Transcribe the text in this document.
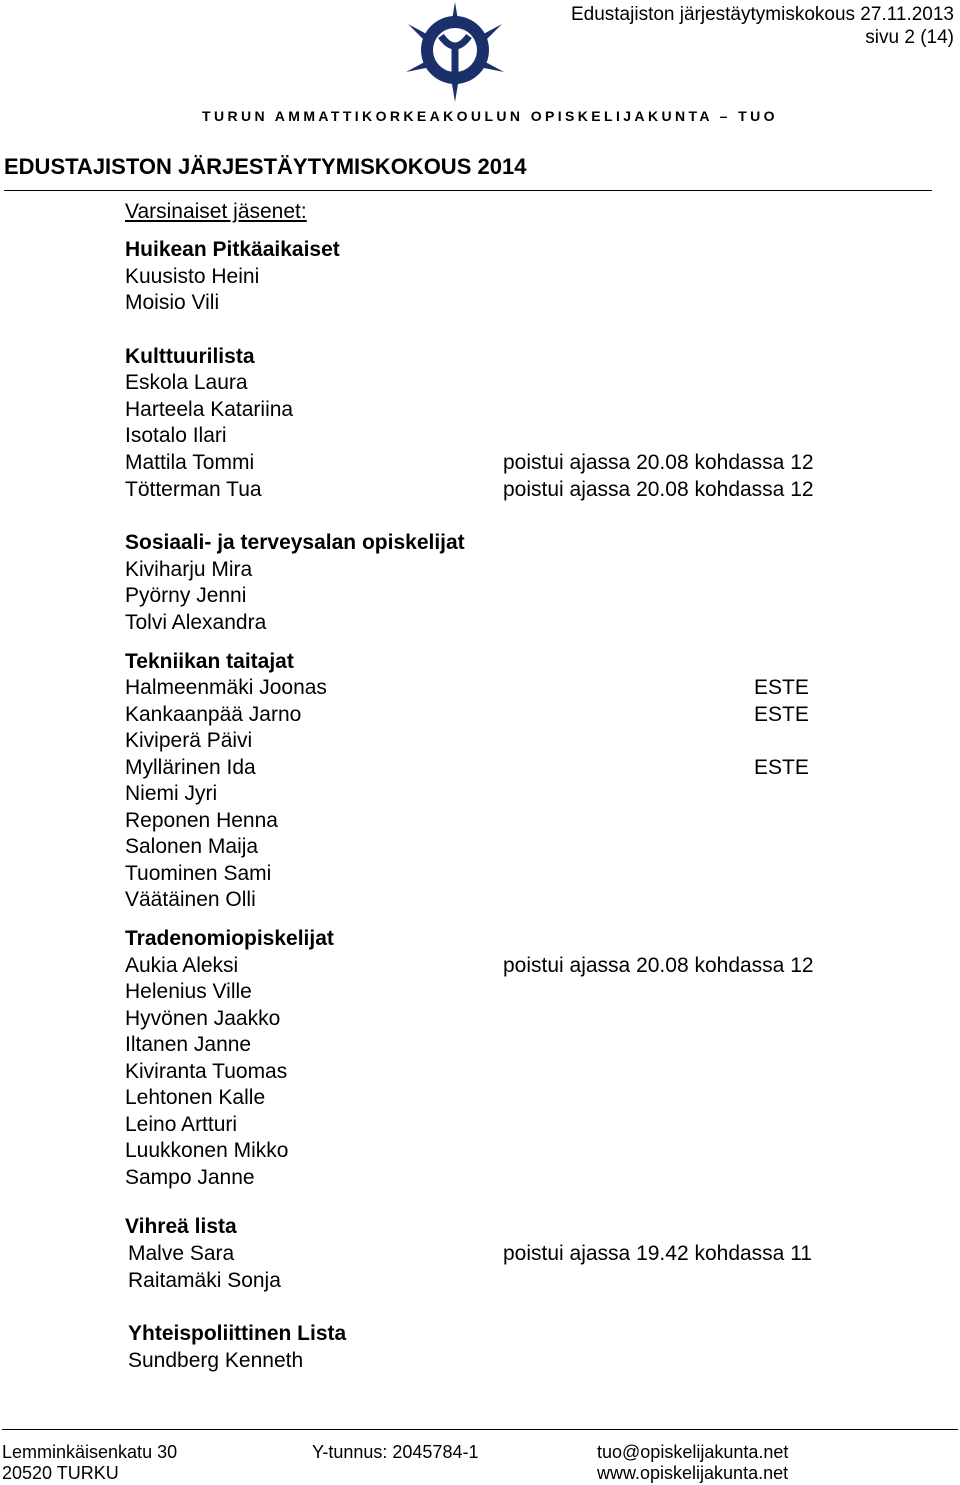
Edustajiston järjestäytymiskokous 27.11.2013
sivu 2 (14)
TURUN AMMATTIKORKEAKOULUN OPISKELIJAKUNTA – TUO
EDUSTAJISTON JÄRJESTÄYTYMISKOKOUS 2014
Varsinaiset jäsenet:
Huikean Pitkäaikaiset
Kuusisto Heini
Moisio Vili
Kulttuurilista
Eskola Laura
Harteela Katariina
Isotalo Ilari
Mattila Tommi	poistui ajassa 20.08 kohdassa 12
Tötterman Tua	poistui ajassa 20.08 kohdassa 12
Sosiaali- ja terveysalan opiskelijat
Kiviharju Mira
Pyörny Jenni
Tolvi Alexandra
Tekniikan taitajat
Halmeenmäki Joonas	ESTE
Kankaanpää Jarno	ESTE
Kiviperä Päivi
Myllärinen Ida	ESTE
Niemi Jyri
Reponen Henna
Salonen Maija
Tuominen Sami
Väätäinen Olli
Tradenomiopiskelijat
Aukia Aleksi	poistui ajassa 20.08 kohdassa 12
Helenius Ville
Hyvönen Jaakko
Iltanen Janne
Kiviranta Tuomas
Lehtonen Kalle
Leino Artturi
Luukkonen Mikko
Sampo Janne
Vihreä lista
Malve Sara	poistui ajassa 19.42 kohdassa 11
Raitamäki Sonja
Yhteispoliittinen Lista
Sundberg Kenneth
Lemminkäisenkatu 30
20520 TURKU
Y-tunnus: 2045784-1	tuo@opiskelijakunta.net
www.opiskelijakunta.net
